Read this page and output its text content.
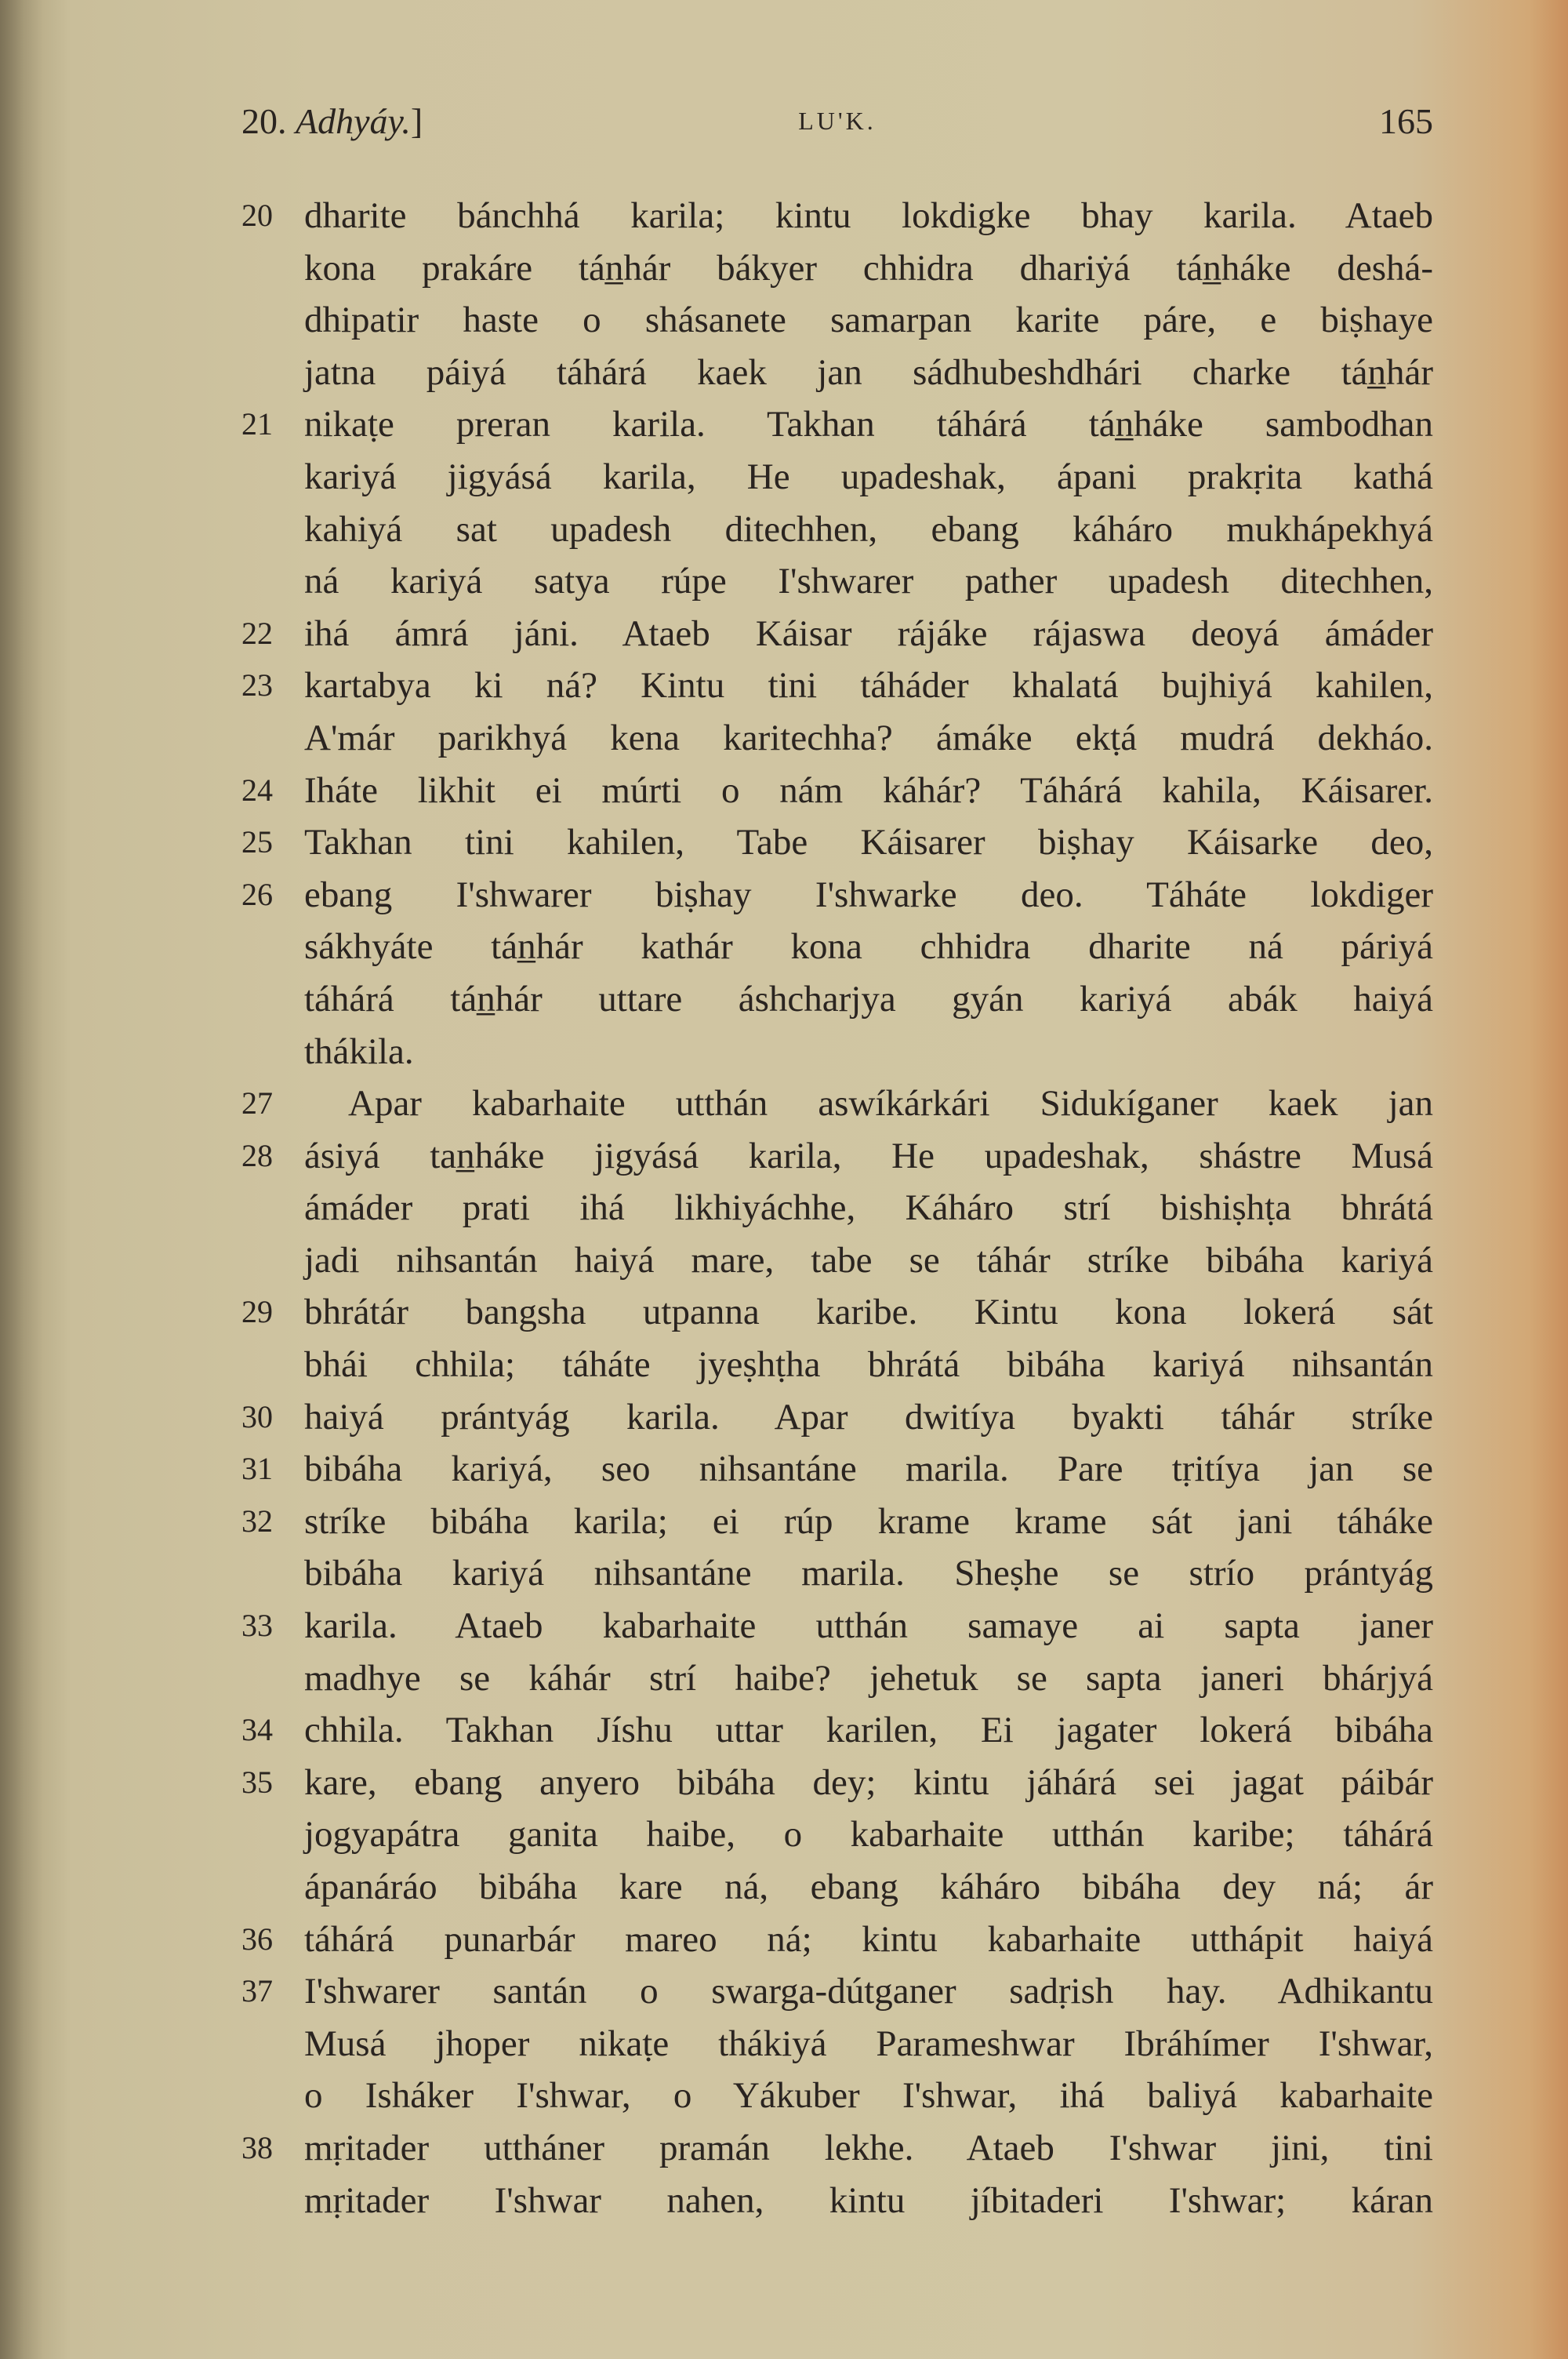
20. Adhyáy.]	LU'K.	165
20 dharite bánchhá karila; kintu lokdigke bhay karila. Ataeb
kona prakáre tán̲hár bákyer chhidra dhariẏá tán̲háke deshá-
dhipatir haste o shásanete samarpan karite páre, e biṣhaye
jatna páiyá táhárá kaek jan sádhubeshdhári charke tán̲hár
21 nikaṭe preran karila. Takhan táhárá tán̲háke sambodhan
kariyá jigyásá karila, He upadeshak, ápani prakṛita kathá
kahiyá sat upadesh ditechhen, ebang káháro mukhápekhyá
ná kariyá satya rúpe I'shwarer pather upadesh ditechhen,
22 ihá ámrá jáni. Ataeb Káisar rájáke rájaswa deoyá ámáder
23 kartabya ki ná? Kintu tini táháder khalatá bujhiyá kahilen,
A'már parikhyá kena karitechha? ámáke ekṭá mudrá dekháo.
24 Iháte likhit ei múrti o nám káhár? Táhárá kahila, Káisarer.
25 Takhan tini kahilen, Tabe Káisarer biṣhay Káisarke deo,
26 ebang I'shwarer biṣhay I'shwarke deo. Táháte lokdiger
sákhyáte tán̲hár kathár kona chhidra dharite ná páriyá
táhárá tán̲hár uttare áshcharjya gyán kariyá abák haiyá
thákila.
27	Apar kabarhaite utthán aswíkárkári Sidukíganer kaek jan
28 ásiyá tan̲háke jigyásá karila, He upadeshak, shástre Musá
ámáder prati ihá likhiyáchhe, Káháro strí bishiṣhṭa bhrátá
jadi nihsantán haiyá mare, tabe se táhár stríke bibáha kariyá
29 bhrátár bangsha utpanna karibe. Kintu kona lokerá sát
bhái chhila; táháte jyeṣhṭha bhrátá bibáha kariyá nihsantán
30 haiyá prántyág karila. Apar dwitíya byakti táhár stríke
31 bibáha kariyá, seo nihsantáne marila. Pare tṛitíya jan se
32 stríke bibáha karila; ei rúp krame krame sát jani táháke
bibáha kariyá nihsantáne marila. Sheṣhe se strío prántyág
33 karila. Ataeb kabarhaite utthán samaye ai sapta janer
madhye se káhár strí haibe? jehetuk se sapta janeri bhárjyá
34 chhila. Takhan Jíshu uttar karilen, Ei jagater lokerá bibáha
35 kare, ebang anyero bibáha dey; kintu jáhárá sei jagat páibár
jogyapátra ganita haibe, o kabarhaite utthán karibe; táhárá
ápanáráo bibáha kare ná, ebang káháro bibáha dey ná; ár
36 táhárá punarbár mareo ná; kintu kabarhaite utthápit haiyá
37 I'shwarer santán o swarga-dútganer sadṛish hay. Adhikantu
Musá jhoper nikaṭe thákiyá Parameshwar Ibráhímer I'shwar,
o Isháker I'shwar, o Yákuber I'shwar, ihá baliyá kabarhaite
38 mṛitader uttháner pramán lekhe. Ataeb I'shwar jini, tini
mṛitader I'shwar nahen, kintu jíbitaderi I'shwar; káran
